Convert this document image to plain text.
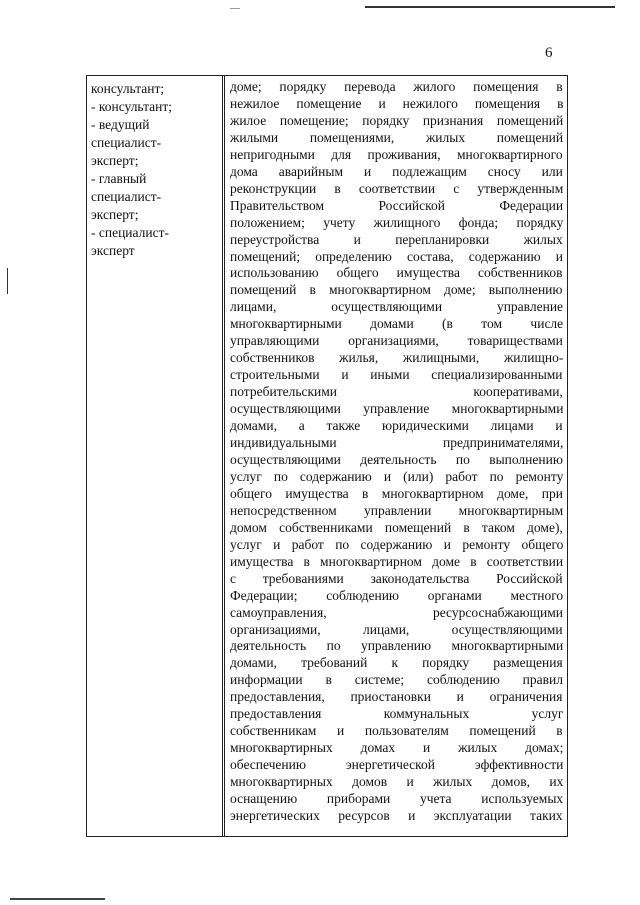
6
консультант;
- консультант;
- ведущий
специалист-
эксперт;
- главный
специалист-
эксперт;
- специалист-
эксперт
доме; порядку перевода жилого помещения в
нежилое помещение и нежилого помещения в
жилое помещение; порядку признания помещений
жилыми помещениями, жилых помещений
непригодными для проживания, многоквартирного
дома аварийным и подлежащим сносу или
реконструкции в соответствии с утвержденным
Правительством Российской Федерации
положением; учету жилищного фонда; порядку
переустройства и перепланировки жилых
помещений; определению состава, содержанию и
использованию общего имущества собственников
помещений в многоквартирном доме; выполнению
лицами, осуществляющими управление
многоквартирными домами (в том числе
управляющими организациями, товариществами
собственников жилья, жилищными, жилищно-
строительными и иными специализированными
потребительскими кооперативами,
осуществляющими управление многоквартирными
домами, а также юридическими лицами и
индивидуальными предпринимателями,
осуществляющими деятельность по выполнению
услуг по содержанию и (или) работ по ремонту
общего имущества в многоквартирном доме, при
непосредственном управлении многоквартирным
домом собственниками помещений в таком доме),
услуг и работ по содержанию и ремонту общего
имущества в многоквартирном доме в соответствии
с требованиями законодательства Российской
Федерации; соблюдению органами местного
самоуправления, ресурсоснабжающими
организациями, лицами, осуществляющими
деятельность по управлению многоквартирными
домами, требований к порядку размещения
информации в системе; соблюдению правил
предоставления, приостановки и ограничения
предоставления коммунальных услуг
собственникам и пользователям помещений в
многоквартирных домах и жилых домах;
обеспечению энергетической эффективности
многоквартирных домов и жилых домов, их
оснащению приборами учета используемых
энергетических ресурсов и эксплуатации таких
